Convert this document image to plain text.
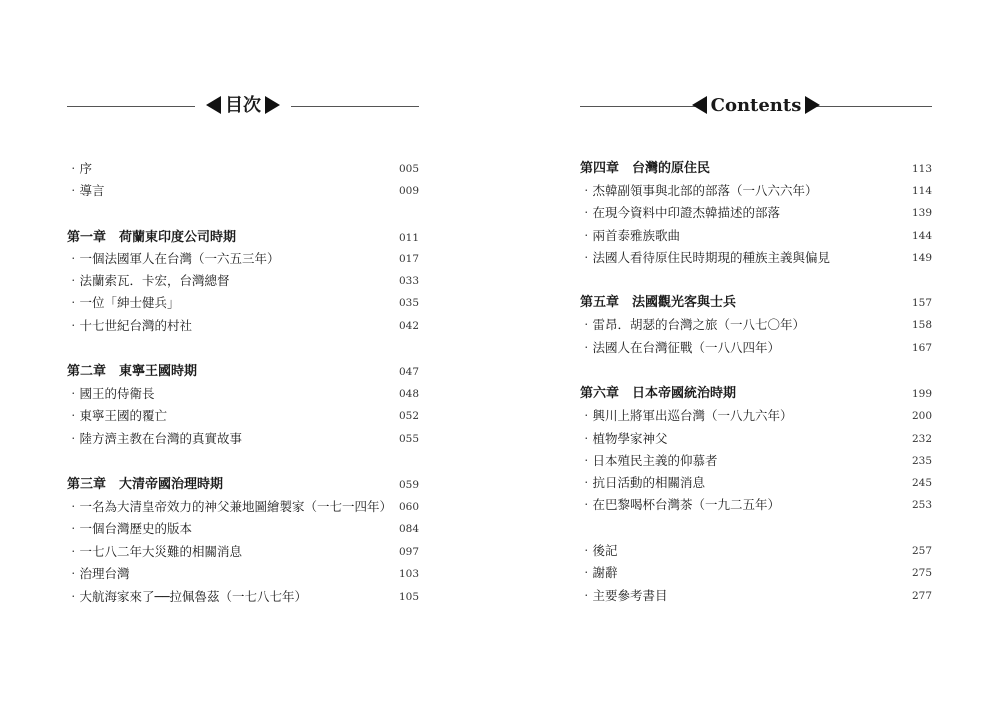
目次
‧序	005
‧導言	009
第一章　荷蘭東印度公司時期	011
‧一個法國軍人在台灣（一六五三年）	017
‧法蘭索瓦．卡宏，台灣總督	033
‧一位「紳士健兵」	035
‧十七世紀台灣的村社	042
第二章　東寧王國時期	047
‧國王的侍衛長	048
‧東寧王國的覆亡	052
‧陸方濟主教在台灣的真實故事	055
第三章　大清帝國治理時期	059
‧一名為大清皇帝效力的神父兼地圖繪製家（一七一四年） 060
‧一個台灣歷史的版本	084
‧一七八二年大災難的相關消息	097
‧治理台灣	103
‧大航海家來了──拉佩魯茲（一七八七年）	105
Contents
第四章　台灣的原住民	113
‧杰韓副領事與北部的部落（一八六六年）	114
‧在現今資料中印證杰韓描述的部落	139
‧兩首泰雅族歌曲	144
‧法國人看待原住民時期現的種族主義與偏見	149
第五章　法國觀光客與士兵	157
‧雷昂．胡瑟的台灣之旅（一八七〇年）	158
‧法國人在台灣征戰（一八八四年）	167
第六章　日本帝國統治時期	199
‧興川上將軍出巡台灣（一八九六年）	200
‧植物學家神父	232
‧日本殖民主義的仰慕者	235
‧抗日活動的相關消息	245
‧在巴黎喝杯台灣茶（一九二五年）	253
‧後記	257
‧謝辭	275
‧主要參考書目	277
